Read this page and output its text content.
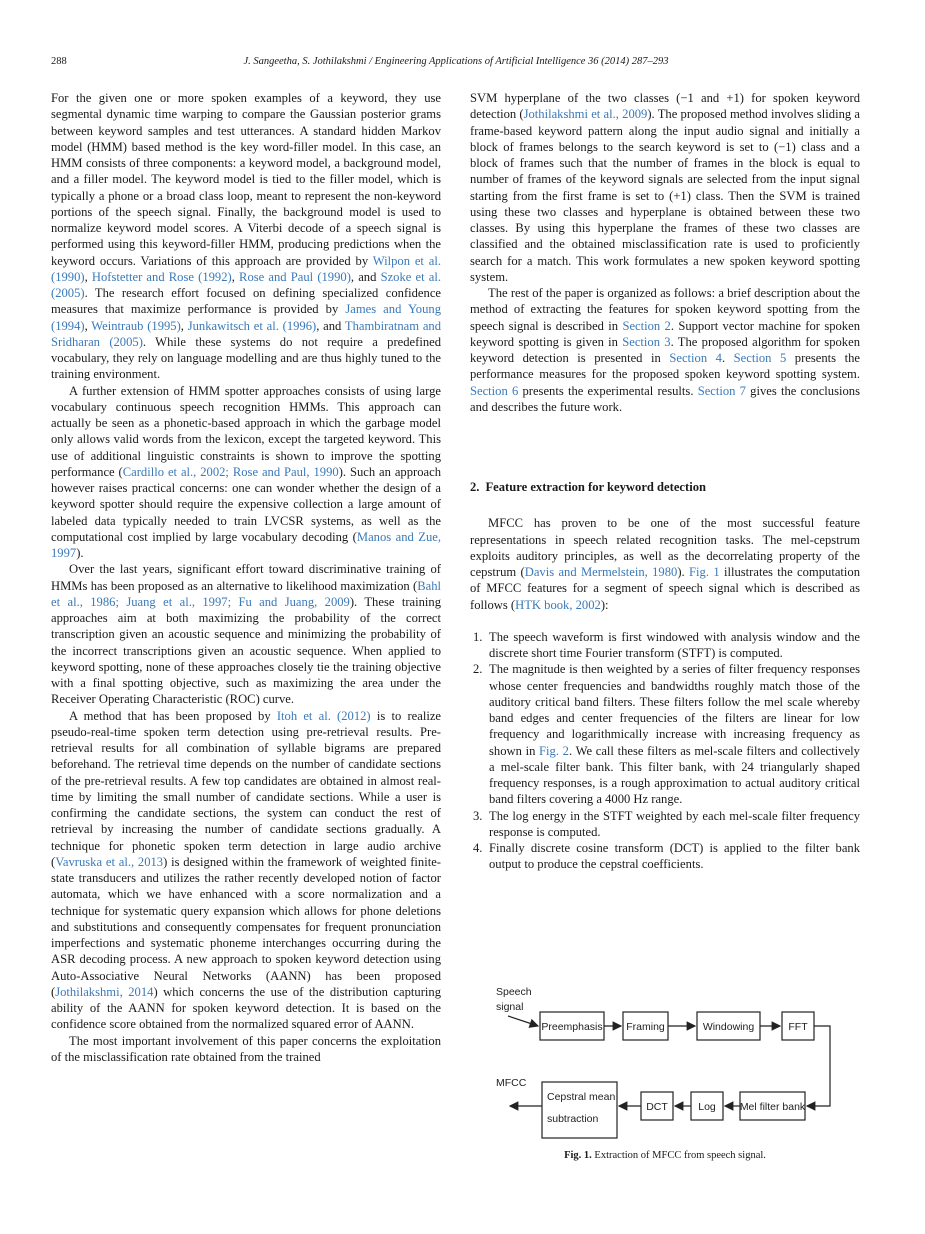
288	J. Sangeetha, S. Jothilakshmi / Engineering Applications of Artificial Intelligence 36 (2014) 287–293

For the given one or more spoken examples of a keyword, they use segmental dynamic time warping to compare the Gaussian posterior grams between keyword samples and test utterances. A standard hidden Markov model (HMM) based method is the key word-filler model. In this case, an HMM consists of three components: a keyword model, a background model, and a filler model. The keyword model is tied to the filler model, which is typically a phone or a broad class loop, meant to represent the non-keyword portions of the speech signal. Finally, the background model is used to normalize keyword model scores. A Viterbi decode of a speech signal is performed using this keyword-filler HMM, producing predictions when the keyword occurs. Variations of this approach are provided by Wilpon et al. (1990), Hofstetter and Rose (1992), Rose and Paul (1990), and Szoke et al. (2005). The research effort focused on defining specialized confidence measures that maximize performance is provided by James and Young (1994), Weintraub (1995), Junkawitsch et al. (1996), and Thambiratnam and Sridharan (2005). While these systems do not require a predefined vocabulary, they rely on language modelling and are thus highly tuned to the training environment.

A further extension of HMM spotter approaches consists of using large vocabulary continuous speech recognition HMMs. This approach can actually be seen as a phonetic-based approach in which the garbage model only allows valid words from the lexicon, except the targeted keyword. This use of additional linguistic constraints is shown to improve the spotting performance (Cardillo et al., 2002; Rose and Paul, 1990). Such an approach however raises practical concerns: one can wonder whether the design of a keyword spotter should require the expensive collection a large amount of labeled data typically needed to train LVCSR systems, as well as the computational cost implied by large vocabulary decoding (Manos and Zue, 1997).

Over the last years, significant effort toward discriminative training of HMMs has been proposed as an alternative to likelihood maximization (Bahl et al., 1986; Juang et al., 1997; Fu and Juang, 2009). These training approaches aim at both maximizing the probability of the correct transcription given an acoustic sequence and minimizing the probability of the incorrect transcriptions given an acoustic sequence. When applied to keyword spotting, none of these approaches closely tie the training objective with a final spotting objective, such as maximizing the area under the Receiver Operating Characteristic (ROC) curve.

A method that has been proposed by Itoh et al. (2012) is to realize pseudo-real-time spoken term detection using pre-retrieval results. Pre-retrieval results for all combination of syllable bigrams are prepared beforehand. The retrieval time depends on the number of candidate sections of the pre-retrieval results. A few top candidates are obtained in almost real-time by limiting the small number of candidate sections. While a user is confirming the candidate sections, the system can conduct the rest of retrieval by increasing the number of candidate sections gradually. A technique for phonetic spoken term detection in large audio archive (Vavruska et al., 2013) is designed within the framework of weighted finite-state transducers and utilizes the rather recently developed notion of factor automata, which we have enhanced with a score normalization and a technique for systematic query expansion which allows for phone deletions and substitutions and consequently compensates for frequent pronunciation imperfections and systematic phoneme interchanges occurring during the ASR decoding process. A new approach to spoken keyword detection using Auto-Associative Neural Networks (AANN) has been proposed (Jothilakshmi, 2014) which concerns the use of the distribution capturing ability of the AANN for spoken keyword detection. It is based on the confidence score obtained from the normalized squared error of AANN.

The most important involvement of this paper concerns the exploitation of the misclassification rate obtained from the trained

SVM hyperplane of the two classes (−1 and +1) for spoken keyword detection (Jothilakshmi et al., 2009). The proposed method involves sliding a frame-based keyword pattern along the input audio signal and initially a block of frames belongs to the search keyword is set to (−1) class and a block of frames such that the number of frames in the block is equal to number of frames of the keyword signals are selected from the input signal starting from the first frame is set to (+1) class. Then the SVM is trained using these two classes and hyperplane is obtained between these two classes. By using this hyperplane the frames of these two classes are classified and the obtained misclassification rate is used to proficiently search for a match. This work formulates a new spoken keyword spotting system.

The rest of the paper is organized as follows: a brief description about the method of extracting the features for spoken keyword spotting from the speech signal is described in Section 2. Support vector machine for spoken keyword spotting is given in Section 3. The proposed algorithm for spoken keyword detection is presented in Section 4. Section 5 presents the performance measures for the proposed spoken keyword spotting system. Section 6 presents the experimental results. Section 7 gives the conclusions and describes the future work.

2. Feature extraction for keyword detection

MFCC has proven to be one of the most successful feature representations in speech related recognition tasks. The mel-cepstrum exploits auditory principles, as well as the decorrelating property of the cepstrum (Davis and Mermelstein, 1980). Fig. 1 illustrates the computation of MFCC features for a segment of speech signal which is described as follows (HTK book, 2002):

1. The speech waveform is first windowed with analysis window and the discrete short time Fourier transform (STFT) is computed.
2. The magnitude is then weighted by a series of filter frequency responses whose center frequencies and bandwidths roughly match those of the auditory critical band filters. These filters follow the mel scale whereby band edges and center frequencies of the filters are linear for low frequency and logarithmically increase with increasing frequency as shown in Fig. 2. We call these filters as mel-scale filters and collectively a mel-scale filter bank. This filter bank, with 24 triangularly shaped frequency responses, is a rough approximation to actual auditory critical band filters covering a 4000 Hz range.
3. The log energy in the STFT weighted by each mel-scale filter frequency response is computed.
4. Finally discrete cosine transform (DCT) is applied to the filter bank output to produce the cepstral coefficients.
Speech
signal
Preemphasis Framing	Windowing	FFT
Mel filter bank
Log
DCT
Cepstral mean
subtraction
MFCC
Fig. 1. Extraction of MFCC from speech signal.
